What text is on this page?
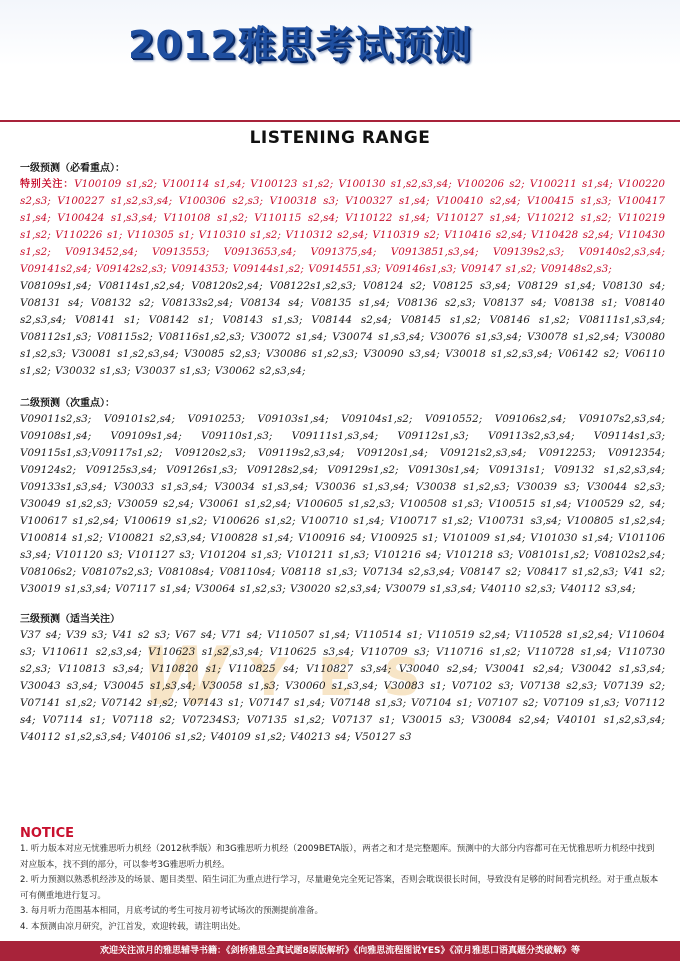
2012雅思考试预测
W Y E S
LISTENING RANGE

一级预测（必看重点）：

特别关注：V100109 s1,s2; V100114 s1,s4; V100123 s1,s2; V100130 s1,s2,s3,s4; V100206 s2; V100211 s1,s4; V100220 s2,s3; V100227 s1,s2,s3,s4; V100306 s2,s3; V100318 s3; V100327 s1,s4; V100410 s2,s4; V100415 s1,s3; V100417 s1,s4; V100424 s1,s3,s4; V110108 s1,s2; V110115 s2,s4; V110122 s1,s4; V110127 s1,s4; V110212 s1,s2; V110219 s1,s2; V110226 s1; V110305 s1; V110310 s1,s2; V110312 s2,s4; V110319 s2; V110416 s2,s4; V110428 s2,s4; V110430 s1,s2; V0913452,s4; V0913553; V0913653,s4; V091375,s4; V0913851,s3,s4; V09139s2,s3; V09140s2,s3,s4; V09141s2,s4; V09142s2,s3; V0914353; V09144s1,s2; V0914551,s3; V09146s1,s3; V09147 s1,s2; V09148s2,s3;

V08109s1,s4; V08114s1,s2,s4; V08120s2,s4; V08122s1,s2,s3; V08124 s2; V08125 s3,s4; V08129 s1,s4; V08130 s4; V08131 s4; V08132 s2; V08133s2,s4; V08134 s4; V08135 s1,s4; V08136 s2,s3; V08137 s4; V08138 s1; V08140 s2,s3,s4; V08141 s1; V08142 s1; V08143 s1,s3; V08144 s2,s4; V08145 s1,s2; V08146 s1,s2; V08111s1,s3,s4; V08112s1,s3; V08115s2; V08116s1,s2,s3; V30072 s1,s4; V30074 s1,s3,s4; V30076 s1,s3,s4; V30078 s1,s2,s4; V30080 s1,s2,s3; V30081 s1,s2,s3,s4; V30085 s2,s3; V30086 s1,s2,s3; V30090 s3,s4; V30018 s1,s2,s3,s4; V06142 s2; V06110 s1,s2; V30032 s1,s3; V30037 s1,s3; V30062 s2,s3,s4;

二级预测（次重点）：

V09011s2,s3; V09101s2,s4; V0910253; V09103s1,s4; V09104s1,s2; V0910552; V09106s2,s4; V09107s2,s3,s4; V09108s1,s4; V09109s1,s4; V09110s1,s3; V09111s1,s3,s4; V09112s1,s3; V09113s2,s3,s4; V09114s1,s3; V09115s1,s3;V09117s1,s2; V09120s2,s3; V09119s2,s3,s4; V09120s1,s4; V09121s2,s3,s4; V0912253; V0912354; V09124s2; V09125s3,s4; V09126s1,s3; V09128s2,s4; V09129s1,s2; V09130s1,s4; V09131s1; V09132 s1,s2,s3,s4; V09133s1,s3,s4; V30033 s1,s3,s4; V30034 s1,s3,s4; V30036 s1,s3,s4; V30038 s1,s2,s3; V30039 s3; V30044 s2,s3; V30049 s1,s2,s3; V30059 s2,s4; V30061 s1,s2,s4; V100605 s1,s2,s3; V100508 s1,s3; V100515 s1,s4; V100529 s2, s4; V100617 s1,s2,s4; V100619 s1,s2; V100626 s1,s2; V100710 s1,s4; V100717 s1,s2; V100731 s3,s4; V100805 s1,s2,s4; V100814 s1,s2; V100821 s2,s3,s4; V100828 s1,s4; V100916 s4; V100925 s1; V101009 s1,s4; V101030 s1,s4; V101106 s3,s4; V101120 s3; V101127 s3; V101204 s1,s3; V101211 s1,s3; V101216 s4; V101218 s3; V08101s1,s2; V08102s2,s4; V08106s2; V08107s2,s3; V08108s4; V08110s4; V08118 s1,s3; V07134 s2,s3,s4; V08147 s2; V08417 s1,s2,s3; V41 s2; V30019 s1,s3,s4; V07117 s1,s4; V30064 s1,s2,s3; V30020 s2,s3,s4; V30079 s1,s3,s4; V40110 s2,s3; V40112 s3,s4;

三级预测（适当关注）

V37 s4; V39 s3; V41 s2 s3; V67 s4; V71 s4; V110507 s1,s4; V110514 s1; V110519 s2,s4; V110528 s1,s2,s4; V110604 s3; V110611 s2,s3,s4; V110623 s1,s2,s3,s4; V110625 s3,s4; V110709 s3; V110716 s1,s2; V110728 s1,s4; V110730 s2,s3; V110813 s3,s4; V110820 s1; V110825 s4; V110827 s3,s4; V30040 s2,s4; V30041 s2,s4; V30042 s1,s3,s4; V30043 s3,s4; V30045 s1,s3,s4; V30058 s1,s3; V30060 s1,s3,s4; V30083 s1; V07102 s3; V07138 s2,s3; V07139 s2; V07141 s1,s2; V07142 s1,s2; V07143 s1; V07147 s1,s4; V07148 s1,s3; V07104 s1; V07107 s2; V07109 s1,s3; V07112 s4; V07114 s1; V07118 s2; V07234S3; V07135 s1,s2; V07137 s1; V30015 s3; V30084 s2,s4; V40101 s1,s2,s3,s4; V40112 s1,s2,s3,s4; V40106 s1,s2; V40109 s1,s2; V40213 s4; V50127 s3

NOTICE
1. 听力版本对应无忧雅思听力机经（2012秋季版）和3G雅思听力机经（2009BETA版），两者之和才是完整题库。预测中的大部分内容都可在无忧雅思听力机经中找到对应版本，找不到的部分，可以参考3G雅思听力机经。
2. 听力预测以熟悉机经涉及的场景、题目类型、陌生词汇为重点进行学习，尽量避免完全死记答案，否则会耽误很长时间，导致没有足够的时间看完机经。对于重点版本可有侧重地进行复习。
3. 每月听力范围基本相同，月底考试的考生可按月初考试场次的预测提前准备。
4. 本预测由凉月研究，沪江首发，欢迎转载，请注明出处。
欢迎关注凉月的雅思辅导书籍：《剑桥雅思全真试题8原版解析》《向雅思流程图说YES》《凉月雅思口语真题分类破解》等
